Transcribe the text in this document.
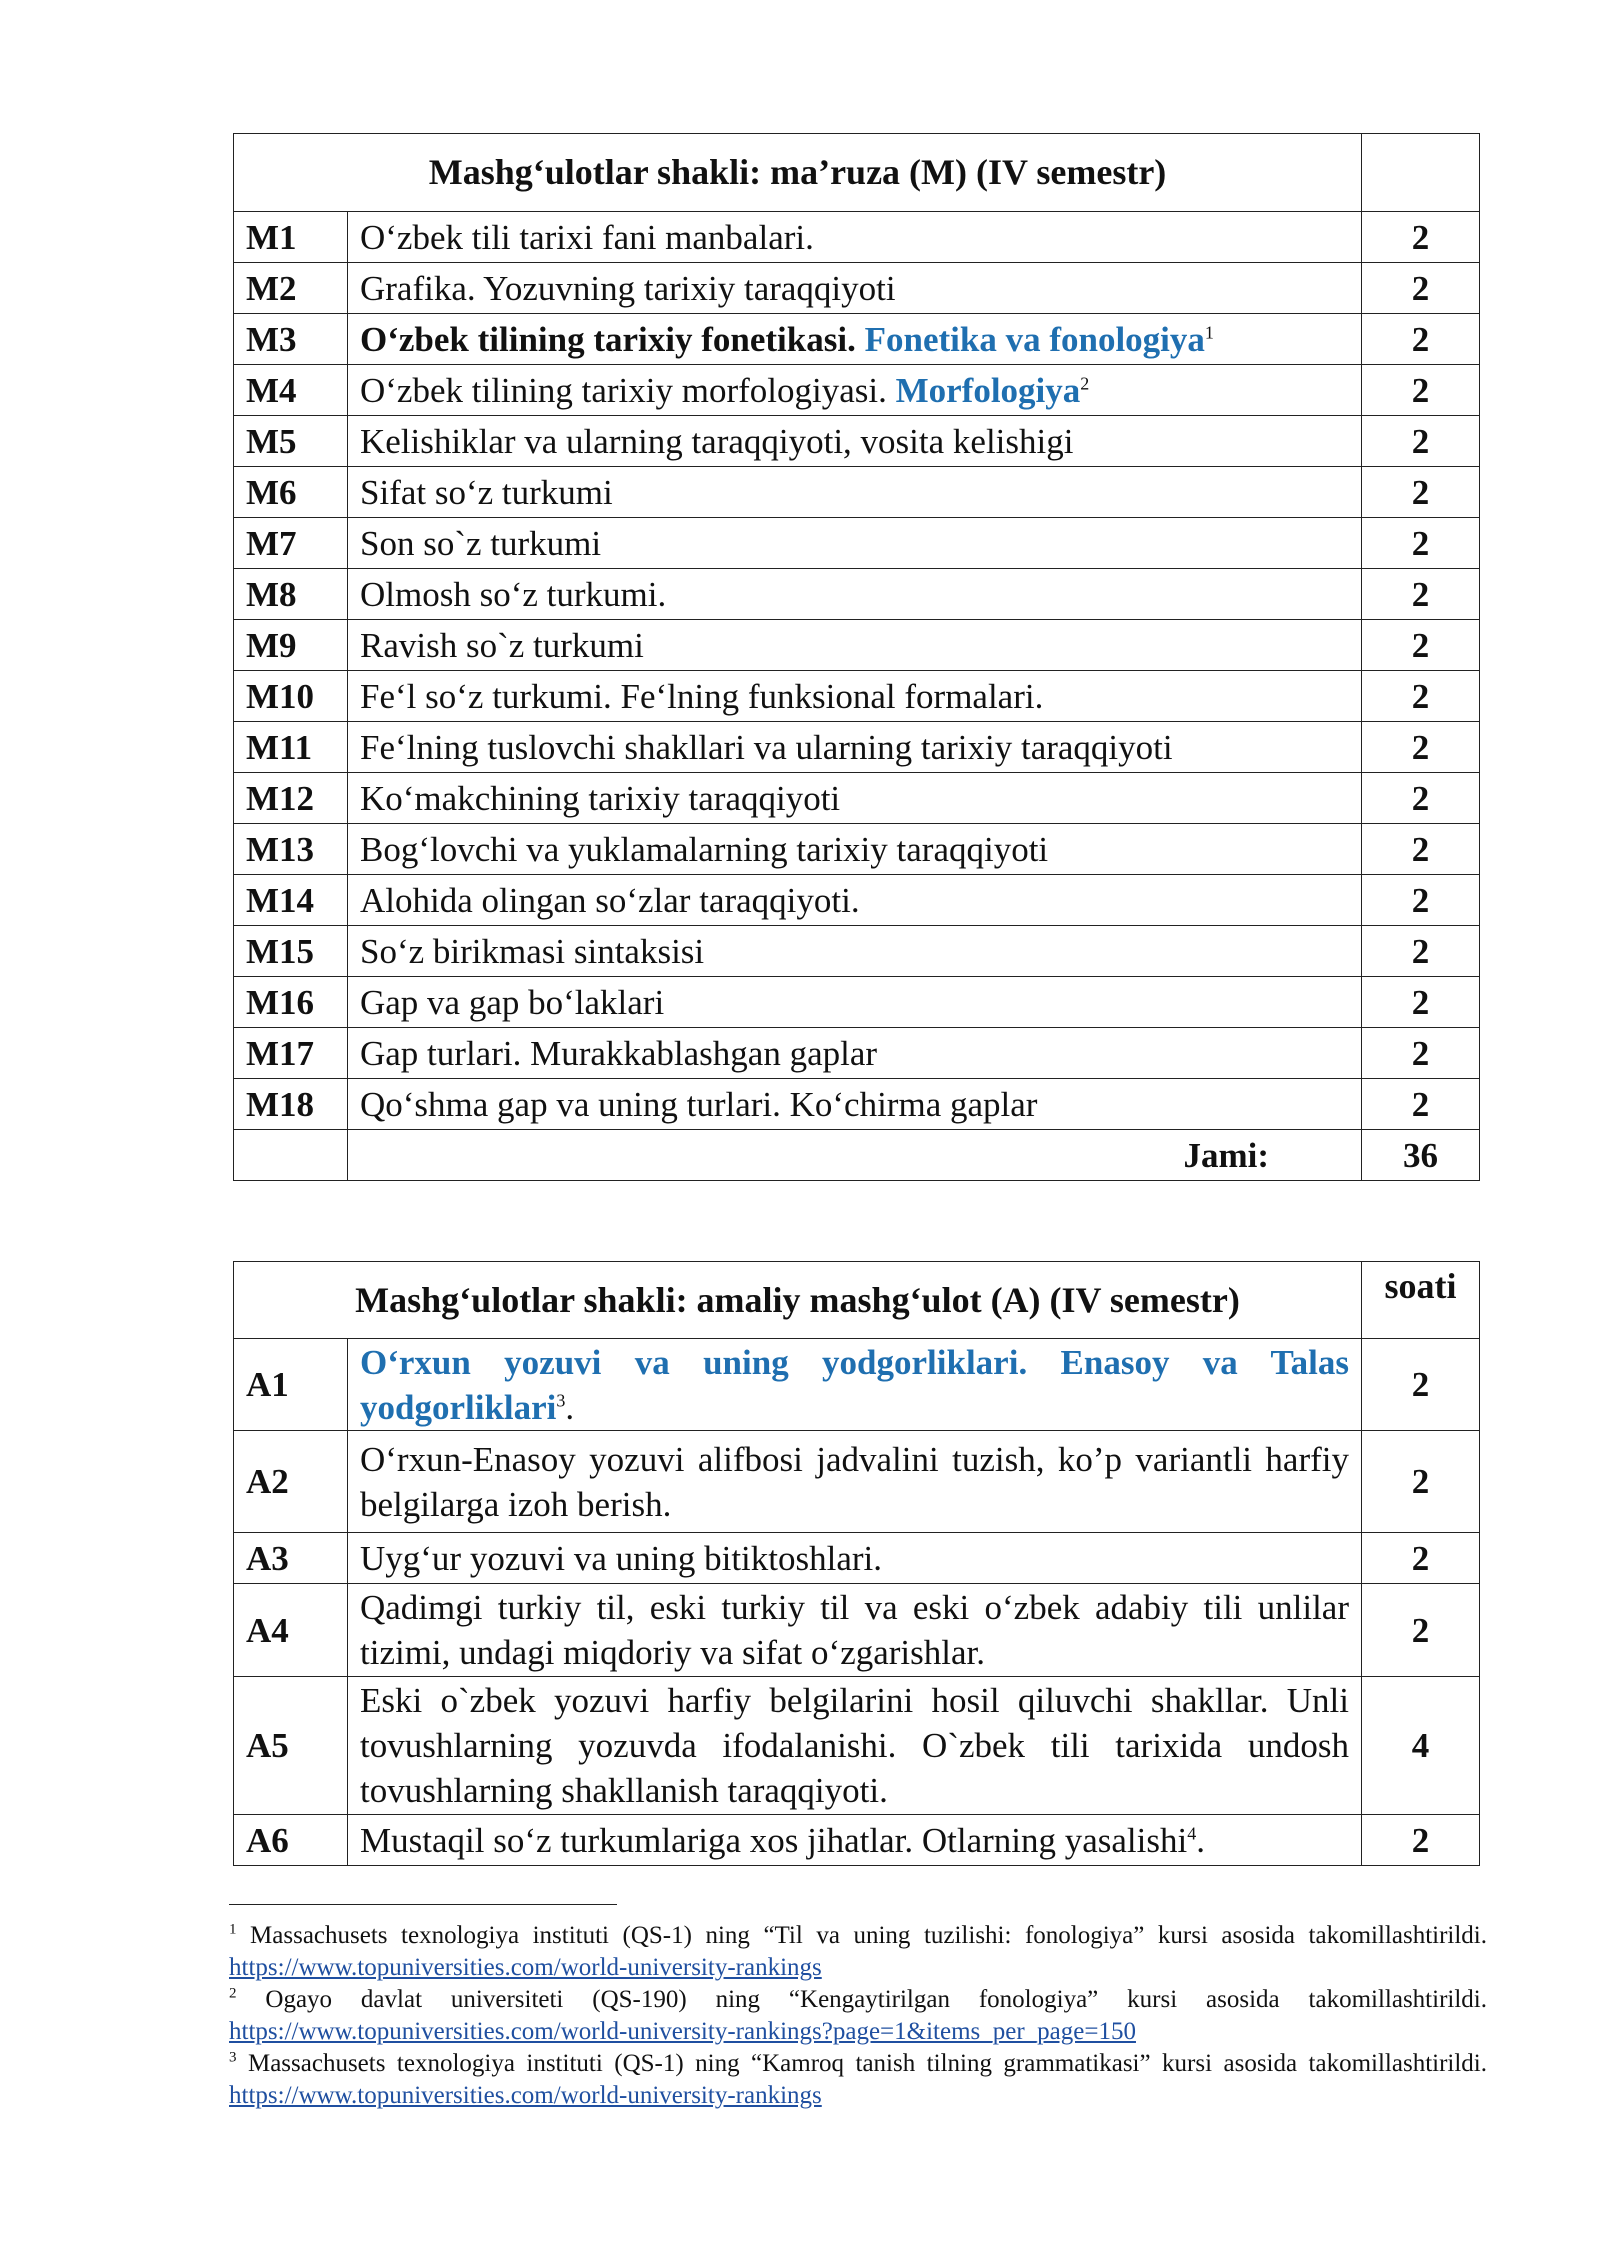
Mashg‘ulotlar shakli: ma’ruza (M) (IV semestr)		
M1	O‘zbek tili tarixi fani manbalari.	2
M2	Grafika. Yozuvning tarixiy taraqqiyoti	2
M3	O‘zbek tilining tarixiy fonetikasi. Fonetika va fonologiya$^1$	2
M4	O‘zbek tilining tarixiy morfologiyasi. Morfologiya$^2$	2
M5	Kelishiklar va ularning taraqqiyoti, vosita kelishigi	2
M6	Sifat so‘z turkumi	2
M7	Son so`z turkumi	2
M8	Olmosh so‘z turkumi.	2
M9	Ravish so`z turkumi	2
M10	Fe‘l so‘z turkumi. Fe‘lning funksional formalari.	2
M11	Fe‘lning tuslovchi shakllari va ularning tarixiy taraqqiyoti	2
M12	Ko‘makchining tarixiy taraqqiyoti	2
M13	Bog‘lovchi va yuklamalarning tarixiy taraqqiyoti	2
M14	Alohida olingan so‘zlar taraqqiyoti.	2
M15	So‘z birikmasi sintaksisi	2
M16	Gap va gap bo‘laklari	2
M17	Gap turlari. Murakkablashgan gaplar	2
M18	Qo‘shma gap va uning turlari. Ko‘chirma gaplar	2
	Jami:	36
Mashg‘ulotlar shakli: amaliy mashg‘ulot (A) (IV semestr)		soati
A1	O‘rxun yozuvi va uning yodgorliklari. Enasoy va Talas yodgorliklari$^3$.	2
A2	O‘rxun-Enasoy yozuvi alifbosi jadvalini tuzish, ko’p variantli harfiy belgilarga izoh berish.	2
A3	Uyg‘ur yozuvi va uning bitiktoshlari.	2
A4	Qadimgi turkiy til, eski turkiy til va eski o‘zbek adabiy tili unlilar tizimi, undagi miqdoriy va sifat o‘zgarishlar.	2
A5	Eski o`zbek yozuvi harfiy belgilarini hosil qiluvchi shakllar. Unli tovushlarning yozuvda ifodalanishi. O`zbek tili tarixida undosh tovushlarning shakllanish taraqqiyoti.	4
A6	Mustaqil so‘z turkumlariga xos jihatlar. Otlarning yasalishi$^4$.	2

$^1$ Massachusets texnologiya instituti (QS-1) ning “Til va uning tuzilishi: fonologiya” kursi asosida takomillashtirildi. https://www.topuniversities.com/world-university-rankings

$^2$ Ogayo davlat universiteti (QS-190) ning “Kengaytirilgan fonologiya” kursi asosida takomillashtirildi. https://www.topuniversities.com/world-university-rankings?page=1&items_per_page=150

$^3$ Massachusets texnologiya instituti (QS-1) ning “Kamroq tanish tilning grammatikasi” kursi asosida takomillashtirildi. https://www.topuniversities.com/world-university-rankings
